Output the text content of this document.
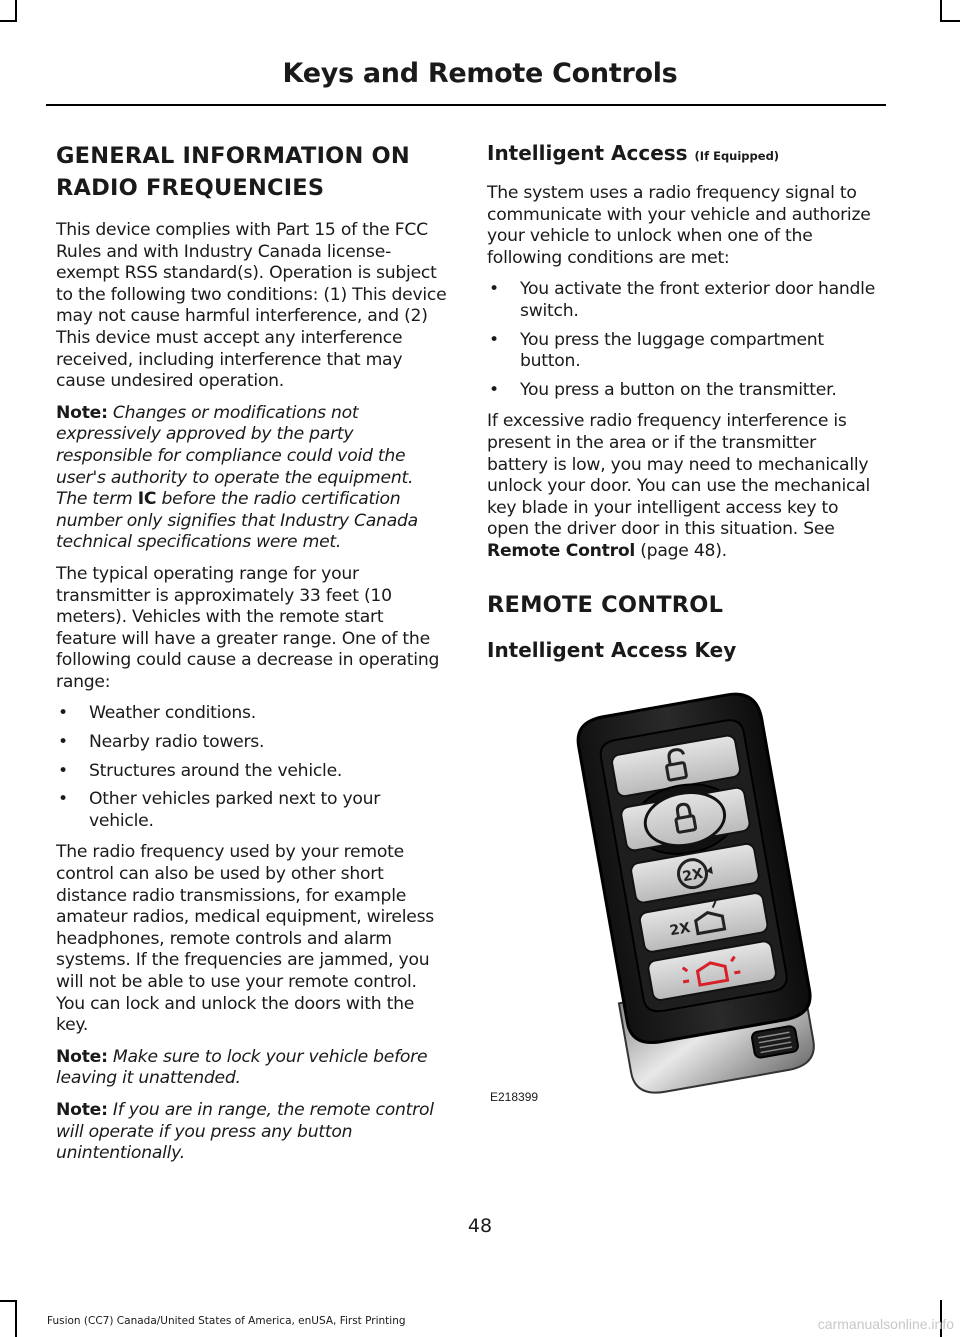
Keys and Remote Controls
GENERAL INFORMATION ON RADIO FREQUENCIES

This device complies with Part 15 of the FCC Rules and with Industry Canada license-exempt RSS standard(s). Operation is subject to the following two conditions: (1) This device may not cause harmful interference, and (2) This device must accept any interference received, including interference that may cause undesired operation.

Note: Changes or modifications not expressively approved by the party responsible for compliance could void the user's authority to operate the equipment. The term IC before the radio certification number only signifies that Industry Canada technical specifications were met.

The typical operating range for your transmitter is approximately 33 feet (10 meters). Vehicles with the remote start feature will have a greater range. One of the following could cause a decrease in operating range:

• Weather conditions.
• Nearby radio towers.
• Structures around the vehicle.
• Other vehicles parked next to your vehicle.

The radio frequency used by your remote control can also be used by other short distance radio transmissions, for example amateur radios, medical equipment, wireless headphones, remote controls and alarm systems. If the frequencies are jammed, you will not be able to use your remote control. You can lock and unlock the doors with the key.

Note: Make sure to lock your vehicle before leaving it unattended.

Note: If you are in range, the remote control will operate if you press any button unintentionally.

Intelligent Access (If Equipped)

The system uses a radio frequency signal to communicate with your vehicle and authorize your vehicle to unlock when one of the following conditions are met:

• You activate the front exterior door handle switch.
• You press the luggage compartment button.
• You press a button on the transmitter.

If excessive radio frequency interference is present in the area or if the transmitter battery is low, you may need to mechanically unlock your door. You can use the mechanical key blade in your intelligent access key to open the driver door in this situation. See Remote Control (page 48).

REMOTE CONTROL
Intelligent Access Key
2X
2X
E218399
48
Fusion (CC7) Canada/United States of America, enUSA, First Printing	carmanualsonline.info
